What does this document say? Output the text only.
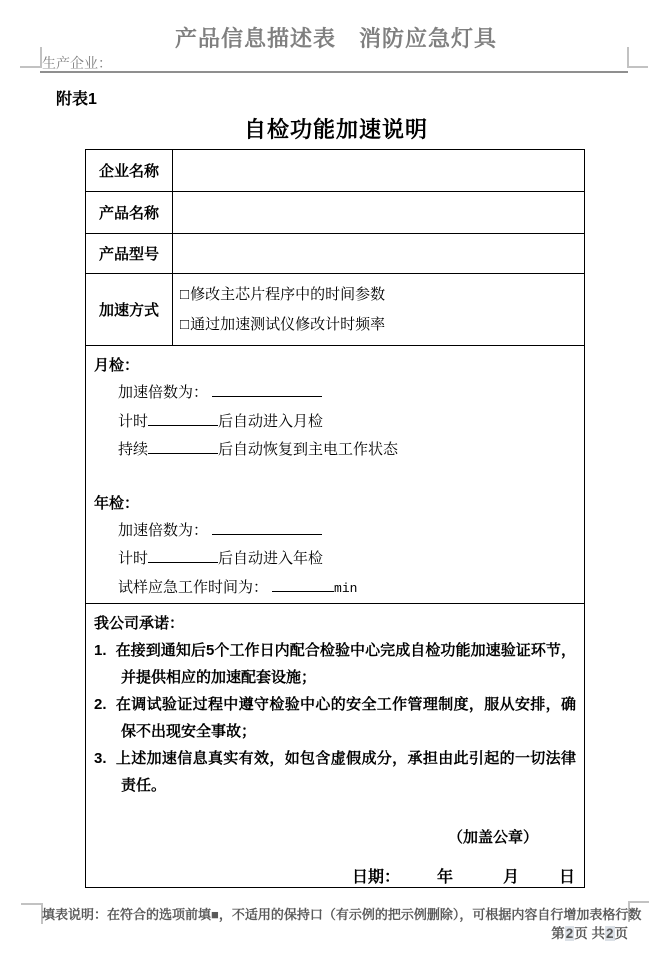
产品信息描述表　消防应急灯具
生产企业：
附表1
自检功能加速说明
企业名称	
产品名称	
产品型号	
加速方式	□修改主芯片程序中的时间参数
□通过加速测试仪修改计时频率

月检：
加速倍数为：
计时	后自动进入月检
持续	后自动恢复到主电工作状态
年检：
加速倍数为：
计时	后自动进入年检
试样应急工作时间为：	min

我公司承诺：
1. 在接到通知后5个工作日内配合检验中心完成自检功能加速验证环节，并提供相应的加速配套设施；
2. 在调试验证过程中遵守检验中心的安全工作管理制度，服从安排，确保不出现安全事故；
3. 上述加速信息真实有效，如包含虚假成分，承担由此引起的一切法律责任。
（加盖公章）
日期： 年	月	日
填表说明：在符合的选项前填■，不适用的保持口（有示例的把示例删除），可根据内容自行增加表格行数
第2页 共2页
